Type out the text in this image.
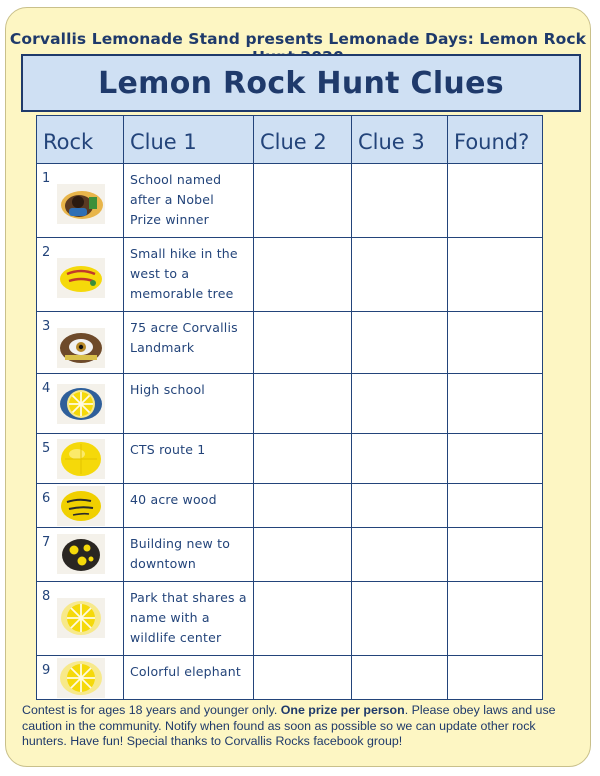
Corvallis Lemonade Stand presents Lemonade Days: Lemon Rock
Lemon Rock Hunt Clues
Rock	Clue 1	Clue 2	Clue 3	Found?

1	School named after a Nobel Prize winner			

2	Small hike in the west to a memorable tree			

3	75 acre Corvallis Landmark			

4	High school			

5	CTS route 1			

6	40 acre wood			

7	Building new to downtown			

8	Park that shares a name with a wildlife center			

9	Colorful elephant			
Contest is for ages 18 years and younger only. One prize per person. Please obey laws and use caution in the community. Notify when found as soon as possible so we can update other rock hunters. Have fun! Special thanks to Corvallis Rocks facebook group!
